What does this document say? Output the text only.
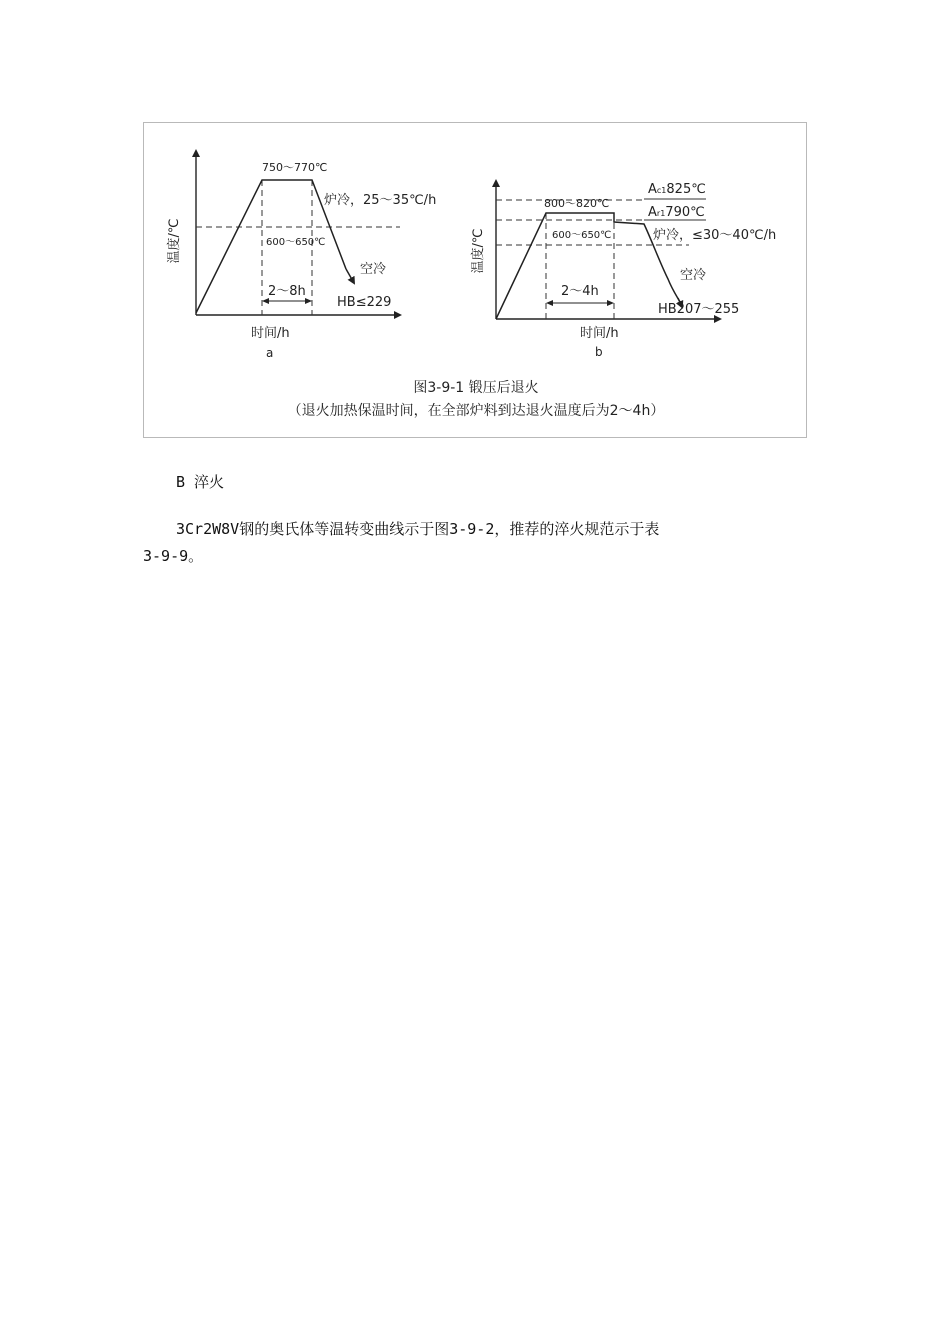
750～770℃
炉冷，25～35℃/h
600～650℃
空冷
2～8h
HB≤229
温度/℃
时间/h
a
800～820℃
Ac1825℃
Ar1790℃
600～650℃	炉冷，≤30～40℃/h
空冷
2～4h
HB207～255
温度/℃
时间/h
b
图3-9-1 锻压后退火
（退火加热保温时间，在全部炉料到达退火温度后为2～4h）
B 淬火
3Cr2W8V钢的奥氏体等温转变曲线示于图3-9-2，推荐的淬火规范示于表
3-9-9。
